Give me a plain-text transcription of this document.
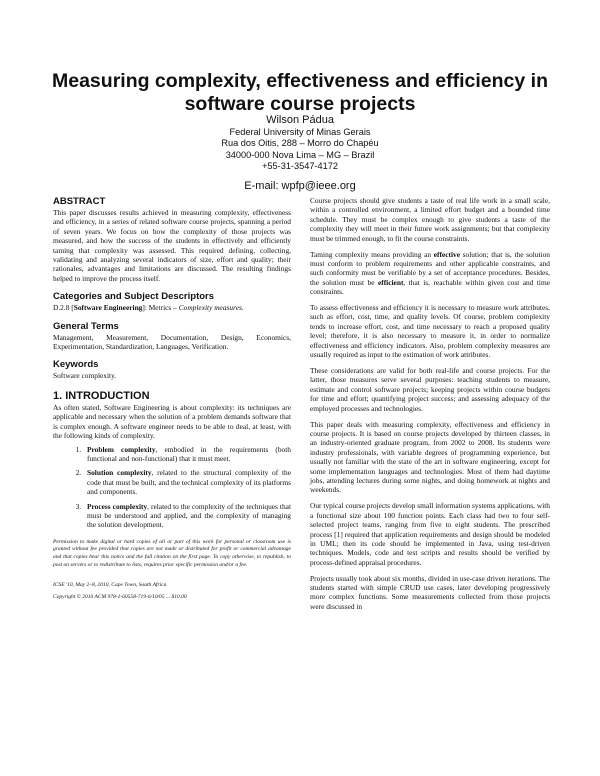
Measuring complexity, effectiveness and efficiency in software course projects
Wilson Pádua
Federal University of Minas Gerais
Rua dos Oitis, 288 – Morro do Chapéu
34000-000 Nova Lima – MG – Brazil
+55-31-3547-4172
E-mail: wpfp@ieee.org
ABSTRACT

This paper discusses results achieved in measuring complexity, effectiveness and efficiency, in a series of related software course projects, spanning a period of seven years. We focus on how the complexity of those projects was measured, and how the success of the students in effectively and efficiently taming that complexity was assessed. This required defining, collecting, validating and analyzing several indicators of size, effort and quality; their rationales, advantages and limitations are discussed. The resulting findings helped to improve the process itself.

Categories and Subject Descriptors

D.2.8 [Software Engineering]: Metrics – Complexity measures.

General Terms

Management, Measurement, Documentation, Design, Economics, Experimentation, Standardization, Languages, Verification.

Keywords

Software complexity.

1. INTRODUCTION

As often stated, Software Engineering is about complexity: its techniques are applicable and necessary when the solution of a problem demands software that is complex enough. A software engineer needs to be able to deal, at least, with the following kinds of complexity.

1. Problem complexity, embodied in the requirements (both functional and non-functional) that it must meet.
2. Solution complexity, related to the structural complexity of the code that must be built, and the technical complexity of its platforms and components.
3. Process complexity, related to the complexity of the techniques that must be understood and applied, and the complexity of managing the solution development.
Permission to make digital or hard copies of all or part of this work for personal or classroom use is granted without fee provided that copies are not made or distributed for profit or commercial advantage and that copies bear this notice and the full citation on the first page. To copy otherwise, to republish, to post on servers or to redistribute to lists, requires prior specific permission and/or a fee.
ICSE '10, May 2–8, 2010, Cape Town, South Africa
Copyright © 2010 ACM 978-1-60558-719-6/10/05 ... $10.00

Course projects should give students a taste of real life work in a small scale, within a controlled environment, a limited effort budget and a bounded time schedule. They must be complex enough to give students a taste of the complexity they will meet in their future work assignments; but that complexity must be trimmed enough, to fit the course constraints.

Taming complexity means providing an effective solution; that is, the solution must conform to problem requirements and other applicable constraints, and such conformity must be verifiable by a set of acceptance procedures. Besides, the solution must be efficient, that is, reachable within given cost and time constraints.

To assess effectiveness and efficiency it is necessary to measure work attributes, such as effort, cost, time, and quality levels. Of course, problem complexity tends to increase effort, cost, and time necessary to reach a proposed quality level; therefore, it is also necessary to measure it, in order to normalize effectiveness and efficiency indicators. Also, problem complexity measures are usually required as input to the estimation of work attributes.

These considerations are valid for both real-life and course projects. For the latter, those measures serve several purposes: teaching students to measure, estimate and control software projects; keeping projects within course budgets for time and effort; quantifying project success; and assessing adequacy of the employed processes and technologies.

This paper deals with measuring complexity, effectiveness and efficiency in course projects. It is based on course projects developed by thirteen classes, in an industry-oriented graduate program, from 2002 to 2008. Its students were industry professionals, with variable degrees of programming experience, but usually not familiar with the state of the art in software engineering, except for some implementation languages and technologies. Most of them had daytime jobs, attending lectures during some nights, and doing homework at nights and weekends.

Our typical course projects develop small information systems applications, with a functional size about 100 function points. Each class had two to four self-selected project teams, ranging from five to eight students. The prescribed process [1] required that application requirements and design should be modeled in UML; then its code should be implemented in Java, using test-driven techniques. Models, code and test scripts and results should be verified by process-defined appraisal procedures.

Projects usually took about six months, divided in use-case driven iterations. The students started with simple CRUD use cases, later developing progressively more complex functions. Some measurements collected from those projects were discussed in
